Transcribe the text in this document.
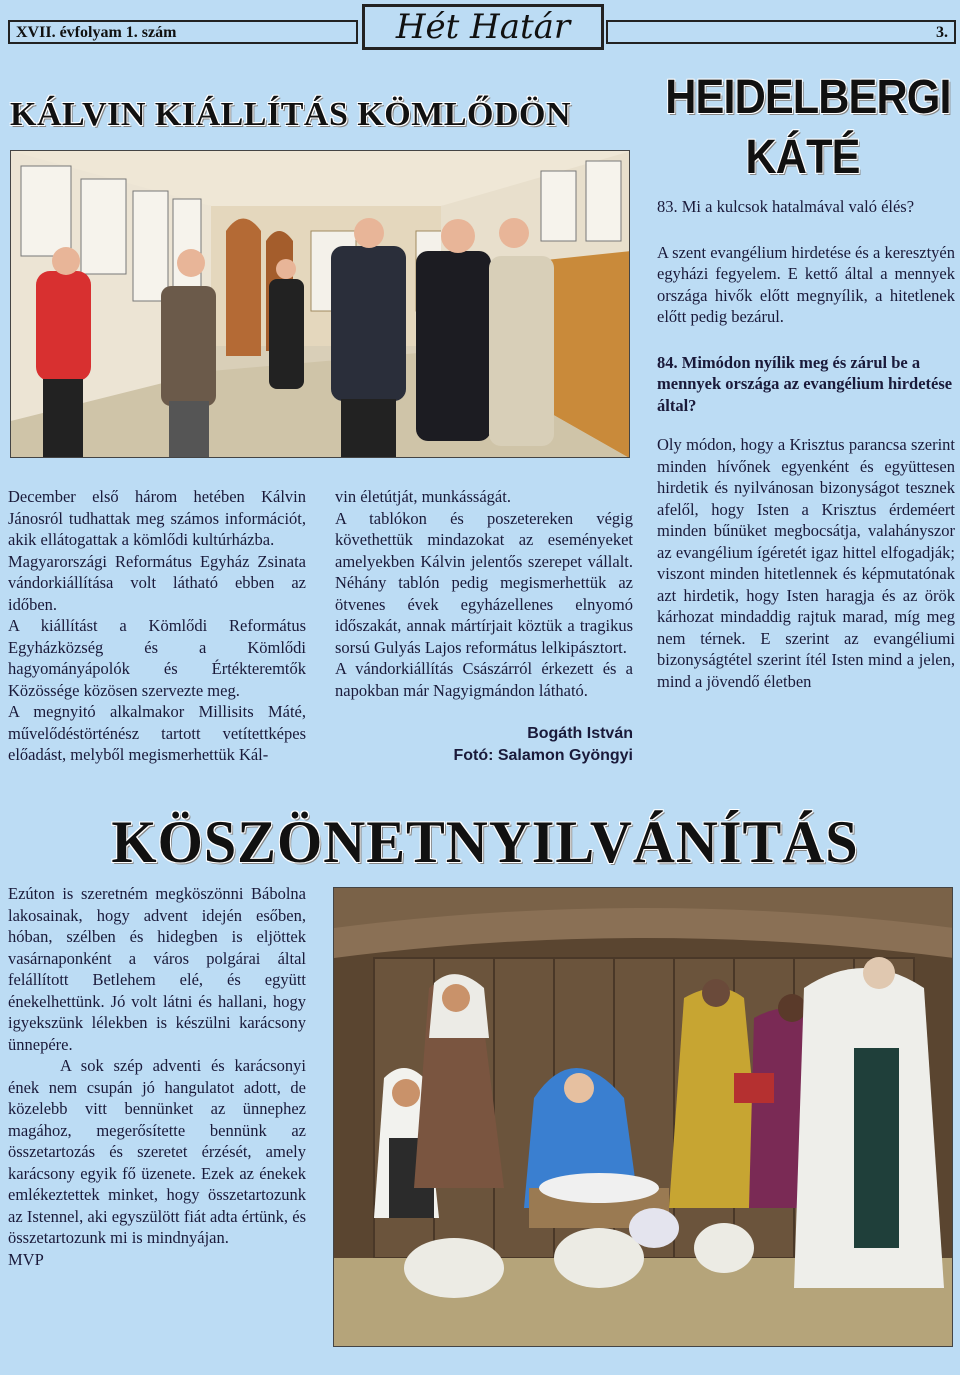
XVII. évfolyam 1. szám	Hét Határ	3.
KÁLVIN KIÁLLÍTÁS KÖMLŐDÖN

December első három hetében Kálvin Jánosról tudhattak meg számos információt, akik ellátogattak a kömlődi kultúrházba.

Magyarországi Református Egyház Zsinata vándorkiállítása volt látható ebben az időben.

A kiállítást a Kömlődi Református Egyházközség és a Kömlődi hagyományápolók és Értékteremtők Közössége közösen szervezte meg.

A megnyitó alkalmakor Millisits Máté, művelődéstörténész tartott vetítettképes előadást, melyből megismerhettük Kál-

vin életútját, munkásságát.

A tablókon és poszetereken végig követhettük mindazokat az eseményeket amelyekben Kálvin jelentős szerepet vállalt. Néhány tablón pedig megismerhettük az ötvenes évek egyházellenes elnyomó időszakát, annak mártírjait köztük a tragikus sorsú Gulyás Lajos református lelkipásztort.

A vándorkiállítás Császárról érkezett és a napokban már Nagyigmándon látható.

Bogáth István
Fotó: Salamon Gyöngyi
HEIDELBERGI
KÁTÉ

83. Mi a kulcsok hatalmával való élés?

A szent evangélium hirdetése és a keresztyén egyházi fegyelem. E kettő által a mennyek országa hivők előtt megnyílik, a hitetlenek előtt pedig bezárul.

84. Mimódon nyílik meg és zárul be a mennyek országa az evangélium hirdetése által?

Oly módon, hogy a Krisztus parancsa szerint minden hívőnek egyenként és együttesen hirdetik és nyilvánosan bizonyságot tesznek afelől, hogy Isten a Krisztus érdeméert minden bűnüket megbocsátja, valahányszor az evangélium ígéretét igaz hittel elfogadják; viszont minden hitetlennek és képmutatónak azt hirdetik, hogy Isten haragja és az örök kárhozat mindaddig rajtuk marad, míg meg nem térnek. E szerint az evangéliumi bizonyságtétel szerint ítél Isten mind a jelen, mind a jövendő életben

KÖSZÖNETNYILVÁNÍTÁS

Ezúton is szeretném megköszönni Bábolna lakosainak, hogy advent idején esőben, hóban, szélben és hidegben is eljöttek vasárnaponként a város polgárai által felállított Betlehem elé, és együtt énekelhettünk. Jó volt látni és hallani, hogy igyekszünk lélekben is készülni karácsony ünnepére.

A sok szép adventi és karácsonyi ének nem csupán jó hangulatot adott, de közelebb vitt bennünket az ünnephez magához, megerősítette bennünk az összetartozás és szeretet érzését, amely karácsony egyik fő üzenete. Ezek az énekek emlékeztettek minket, hogy összetartozunk az Istennel, aki egyszülött fiát adta értünk, és összetartozunk mi is mindnyájan.

MVP
